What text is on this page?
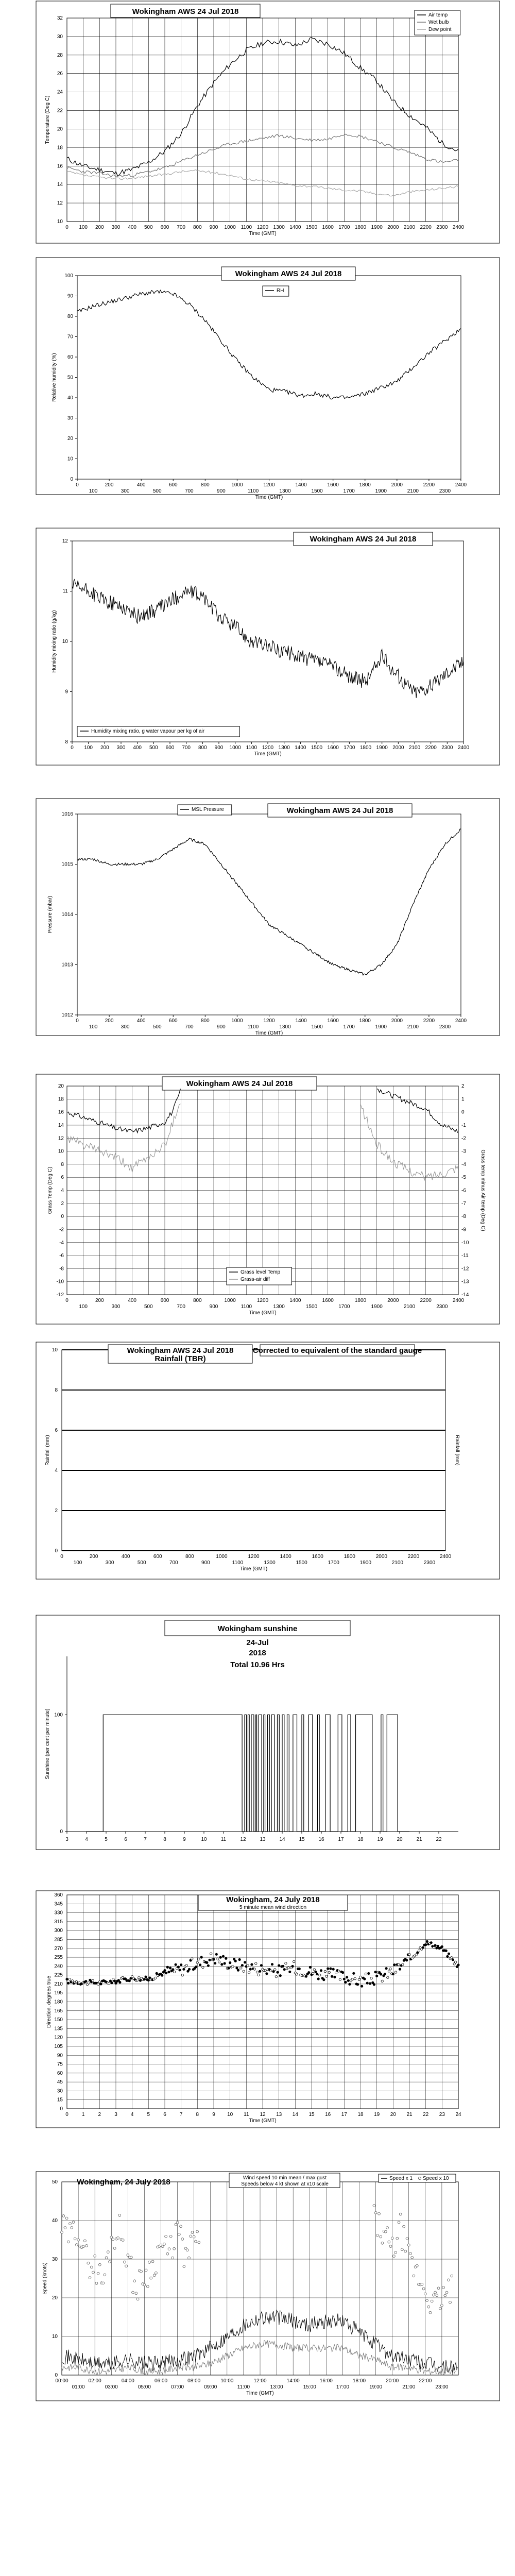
10
12
14
16
18
20
22
24
26
28
30
32
0 100 200 300 400 500 600 700 800 900 1000 1100 1200 1300 1400 1500 1600 1700 1800 1900 2000 2100 2200 2300 2400
Wokingham AWS 24 Jul 2018
Time (GMT)
Temperature (Deg C)
Air temp
Wet bulb
Dew point
0
10
20
30
40
50
60
70
80
90
100
0	200	400	600	800	1000	1200	1400	1600	1800	2000	2200	2400
100	300	500	700	900	1100	1300	1500	1700	1900	2100	2300
Wokingham AWS 24 Jul 2018
Time (GMT)
Relative humidity (%)
RH
8
9
10
11
12
0 100 200 300 400 500 600 700 800 900 1000 1100 1200 1300 1400 1500 1600 1700 1800 1900 2000 2100 2200 2300 2400
Wokingham AWS 24 Jul 2018
Time (GMT)
Humidity mixing ratio (g/kg)
Humidity mixing ratio, g water vapour per kg of air
1012
1013
1014
1015
1016
0	200	400	600	800	1000	1200	1400	1600	1800	2000	2200	2400
100	300	500	700	900	1100	1300	1500	1700	1900	2100	2300
Wokingham AWS 24 Jul 2018
Time (GMT)
Pressure (mbar)
MSL Pressure
-12
-10
-8
-6
-4
-2
0
2
4
6
8
10
12
14
16
18
20
-14
-13
-12
-11
-10
-9
-8
-7
-6
-5
-4
-3
-2
-1
0
1
2
0	200	400	600	800	1000	1200	1400	1600	1800	2000	2200	2400
100	300	500	700	900	1100	1300	1500	1700	1900	2100	2300
Wokingham AWS 24 Jul 2018
Time (GMT)
Grass Temp (Deg C)	Grass temp minus Air temp (Deg C)
Grass level Temp
Grass-air diff
0
2
4
6
8
10
0	200	400	600	800	1000	1200	1400	1600	1800	2000	2200	2400
100	300	500	700	900	1100	1300	1500	1700	1900	2100	2300
Wokingham AWS 24 Jul 2018
Rainfall (TBR)
Corrected to equivalent of the standard gauge
Time (GMT)
Rainfall (mm)	Rainfall (mm)
0
100
3	4	5	6	7	8	9	10	11	12	13	14	15	16	17	18	19	20	21	22
Wokingham sunshine
24-Jul
2018
Total 10.96 Hrs
Sunshine (per cent per minute)
0
15
30
45
60
75
90
105
120
135
150
165
180
195
210
225
240
255
270
285
300
315
330
345
360
0	1	2	3	4	5	6	7	8	9 10 11 12 13 14 15 16 17 18 19 20 21 22 23 24
Wokingham, 24 July 2018
5 minute mean wind direction
Time (GMT)
Direction, degrees true
0
10
20
30
40
50
00:00	02:00	04:00	06:00	08:00	10:00	12:00	14:00	16:00	18:00	20:00	22:00
01:00	03:00	05:00	07:00	09:00	11:00	13:00	15:00	17:00	19:00	21:00	23:00
Wind speed 10 min mean / max gust
Speeds below 4 kt shown at x10 scale
Wokingham, 24 July 2018	Speed x 1 Speed x 10
Time (GMT)
Speed (knots)
